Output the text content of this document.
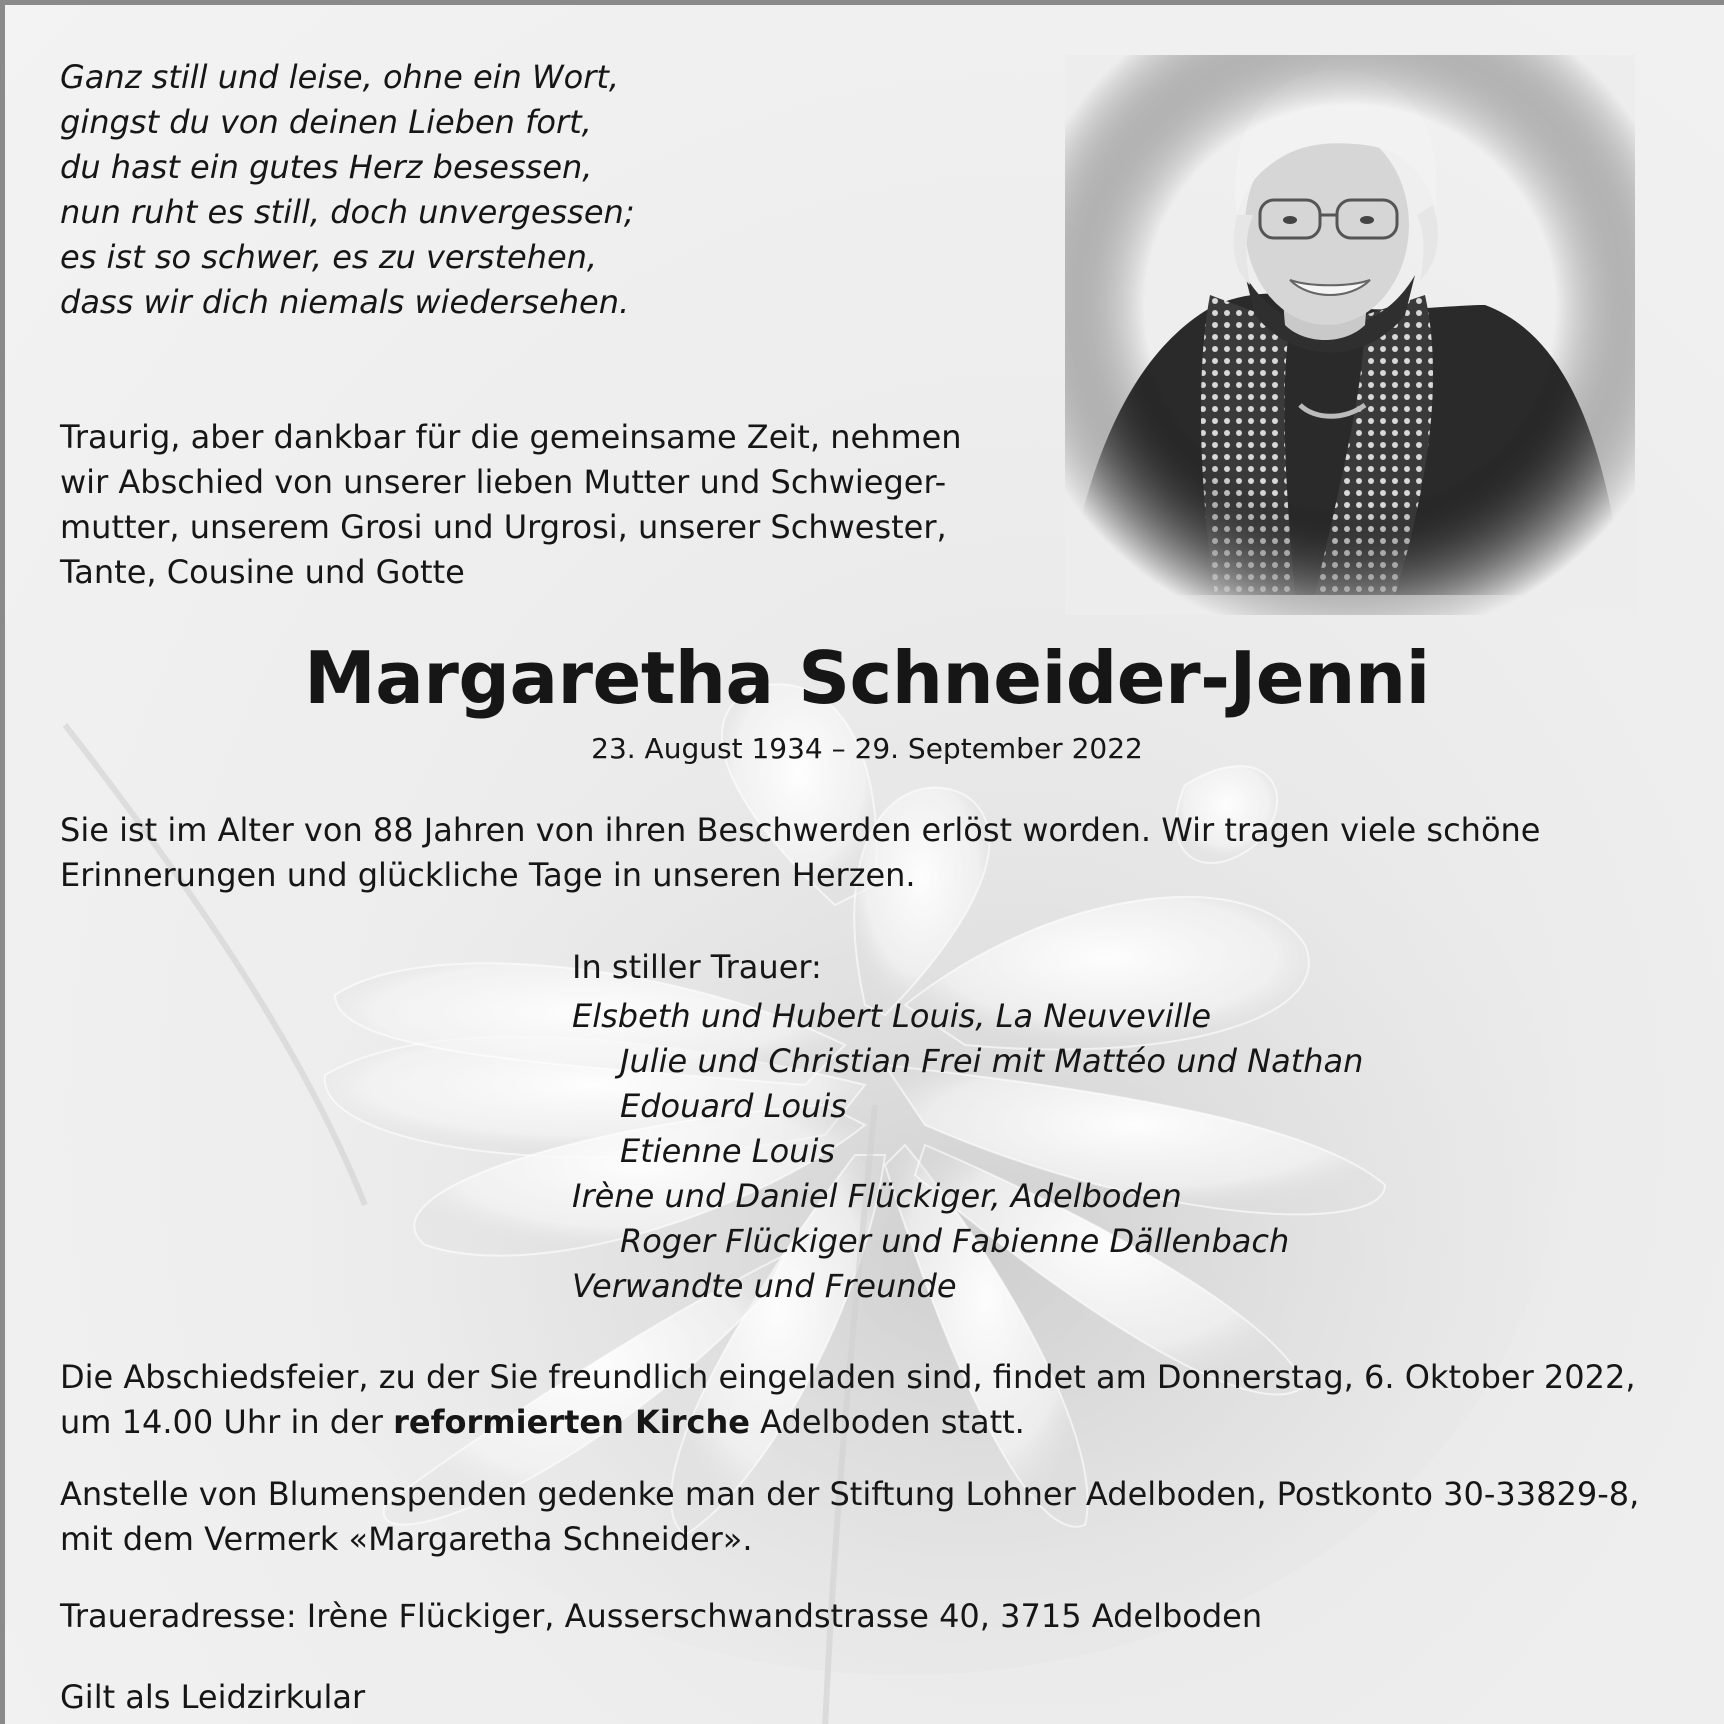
Ganz still und leise, ohne ein Wort,
gingst du von deinen Lieben fort,
du hast ein gutes Herz besessen,
nun ruht es still, doch unvergessen;
es ist so schwer, es zu verstehen,
dass wir dich niemals wiedersehen.
Traurig, aber dankbar für die gemeinsame Zeit, nehmen
wir Abschied von unserer lieben Mutter und Schwieger-
mutter, unserem Grosi und Urgrosi, unserer Schwester,
Tante, Cousine und Gotte
Margaretha Schneider-Jenni
23. August 1934 – 29. September 2022
Sie ist im Alter von 88 Jahren von ihren Beschwerden erlöst worden. Wir tragen viele schöne
Erinnerungen und glückliche Tage in unseren Herzen.
In stiller Trauer:
Elsbeth und Hubert Louis, La Neuveville
Julie und Christian Frei mit Mattéo und Nathan
Edouard Louis
Etienne Louis
Irène und Daniel Flückiger, Adelboden
Roger Flückiger und Fabienne Dällenbach
Verwandte und Freunde
Die Abschiedsfeier, zu der Sie freundlich eingeladen sind, findet am Donnerstag, 6. Oktober 2022,
um 14.00 Uhr in der reformierten Kirche Adelboden statt.
Anstelle von Blumenspenden gedenke man der Stiftung Lohner Adelboden, Postkonto 30-33829-8,
mit dem Vermerk «Margaretha Schneider».
Traueradresse: Irène Flückiger, Ausserschwandstrasse 40, 3715 Adelboden
Gilt als Leidzirkular
